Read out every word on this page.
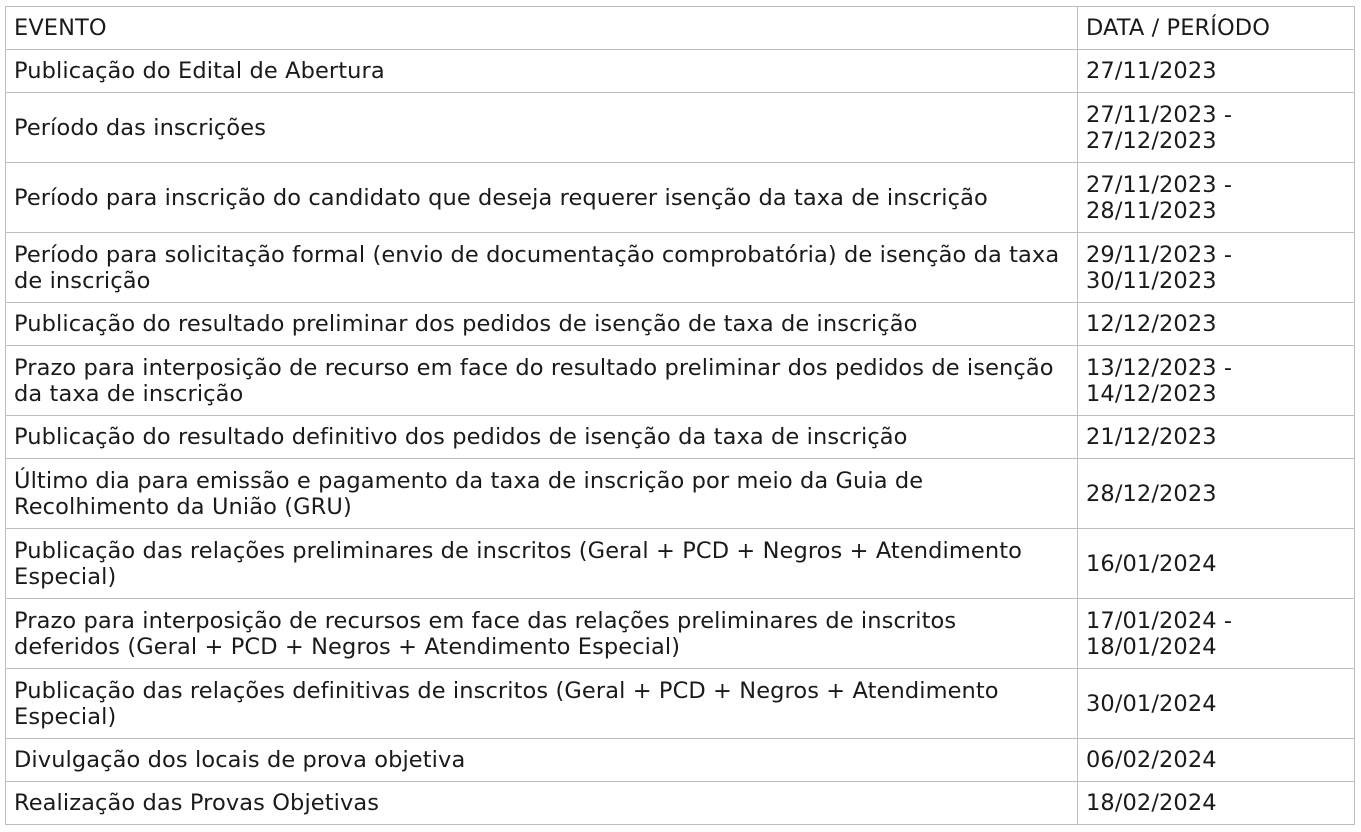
EVENTO	DATA / PERÍODO
Publicação do Edital de Abertura	27/11/2023
Período das inscrições	27/11/2023 - 27/12/2023
Período para inscrição do candidato que deseja requerer isenção da taxa de inscrição	27/11/2023 - 28/11/2023
Período para solicitação formal (envio de documentação comprobatória) de isenção da taxa de inscrição	29/11/2023 - 30/11/2023
Publicação do resultado preliminar dos pedidos de isenção de taxa de inscrição	12/12/2023
Prazo para interposição de recurso em face do resultado preliminar dos pedidos de isenção da taxa de inscrição	13/12/2023 - 14/12/2023
Publicação do resultado definitivo dos pedidos de isenção da taxa de inscrição	21/12/2023
Último dia para emissão e pagamento da taxa de inscrição por meio da Guia de Recolhimento da União (GRU)	28/12/2023
Publicação das relações preliminares de inscritos (Geral + PCD + Negros + Atendimento Especial)	16/01/2024
Prazo para interposição de recursos em face das relações preliminares de inscritos deferidos (Geral + PCD + Negros + Atendimento Especial)	17/01/2024 - 18/01/2024
Publicação das relações definitivas de inscritos (Geral + PCD + Negros + Atendimento Especial)	30/01/2024
Divulgação dos locais de prova objetiva	06/02/2024
Realização das Provas Objetivas	18/02/2024
